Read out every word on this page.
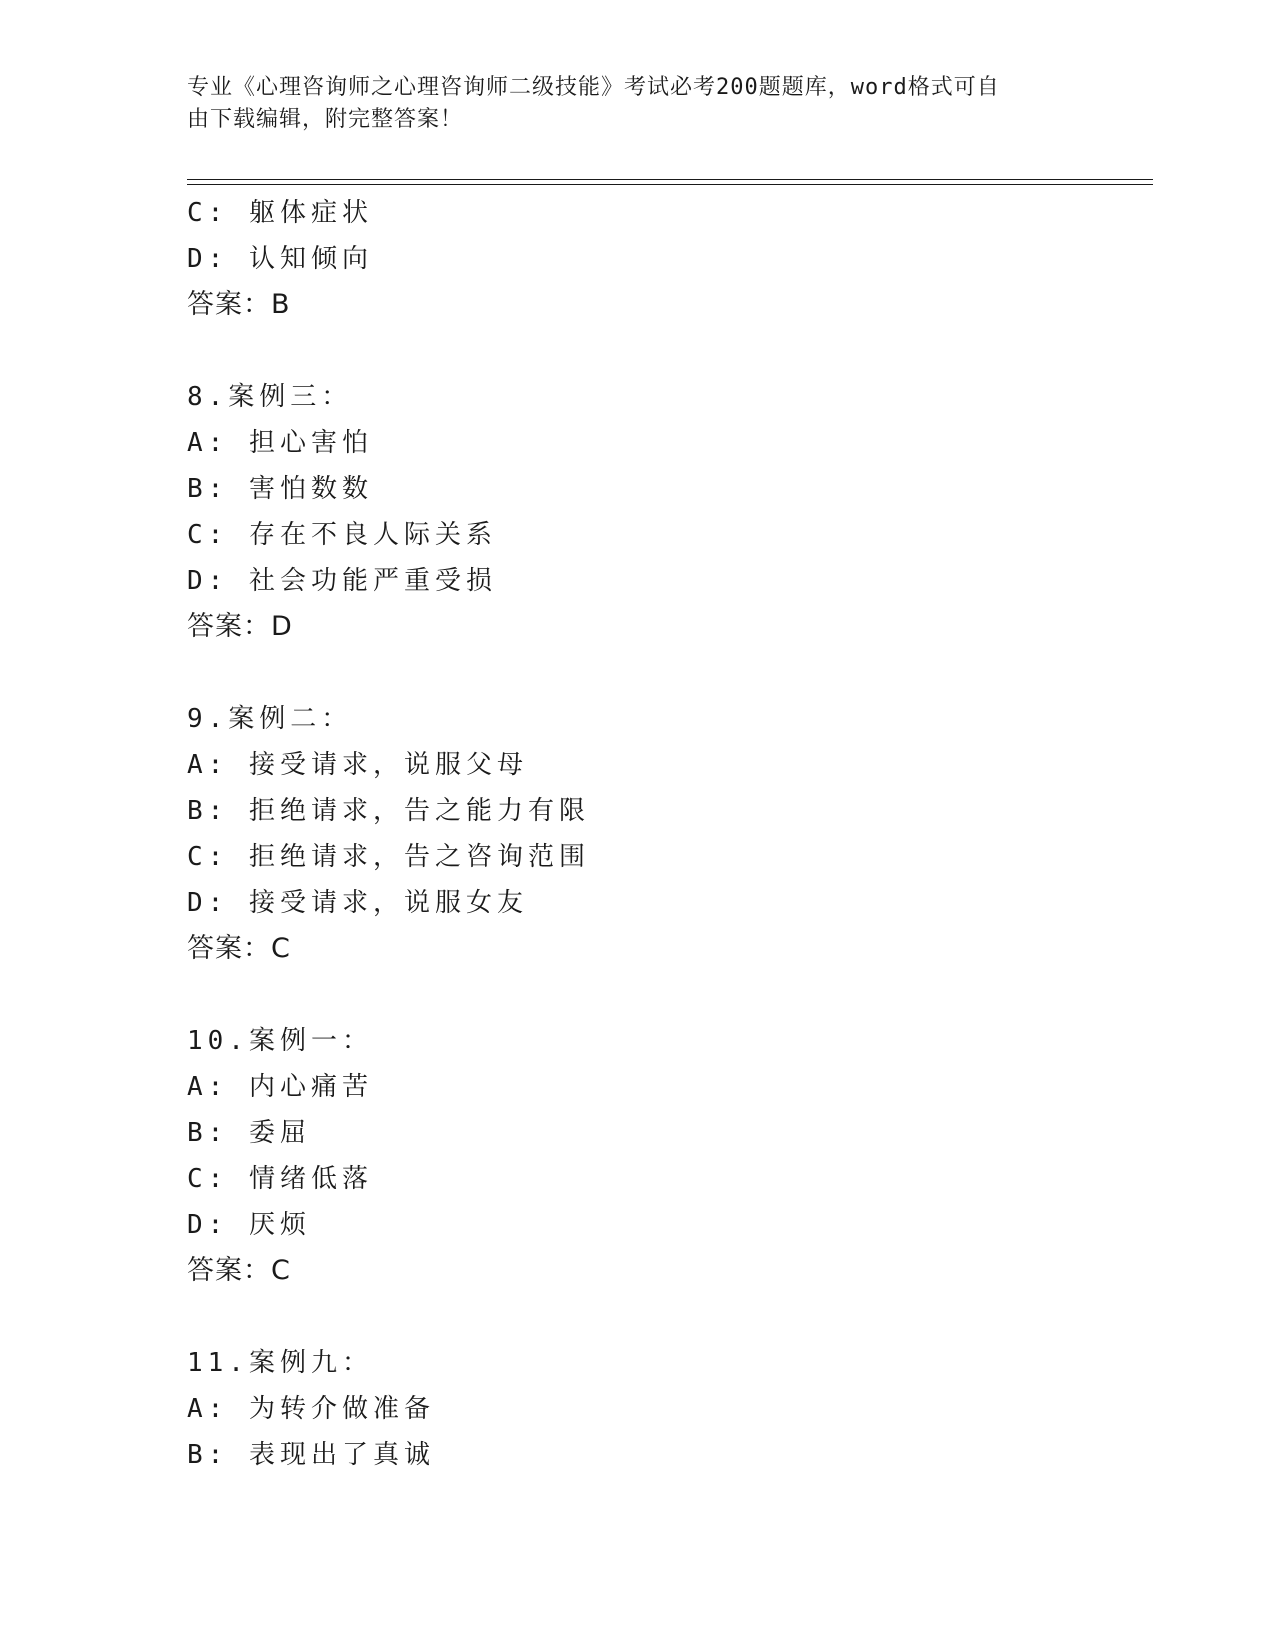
专业《心理咨询师之心理咨询师二级技能》考试必考200题题库，word格式可自
由下载编辑，附完整答案！
C: 躯体症状
D: 认知倾向
答案：B
8.案例三：
A: 担心害怕
B: 害怕数数
C: 存在不良人际关系
D: 社会功能严重受损
答案：D
9.案例二：
A: 接受请求，说服父母
B: 拒绝请求，告之能力有限
C: 拒绝请求，告之咨询范围
D: 接受请求，说服女友
答案：C
10.案例一：
A: 内心痛苦
B: 委屈
C: 情绪低落
D: 厌烦
答案：C
11.案例九：
A: 为转介做准备
B: 表现出了真诚
